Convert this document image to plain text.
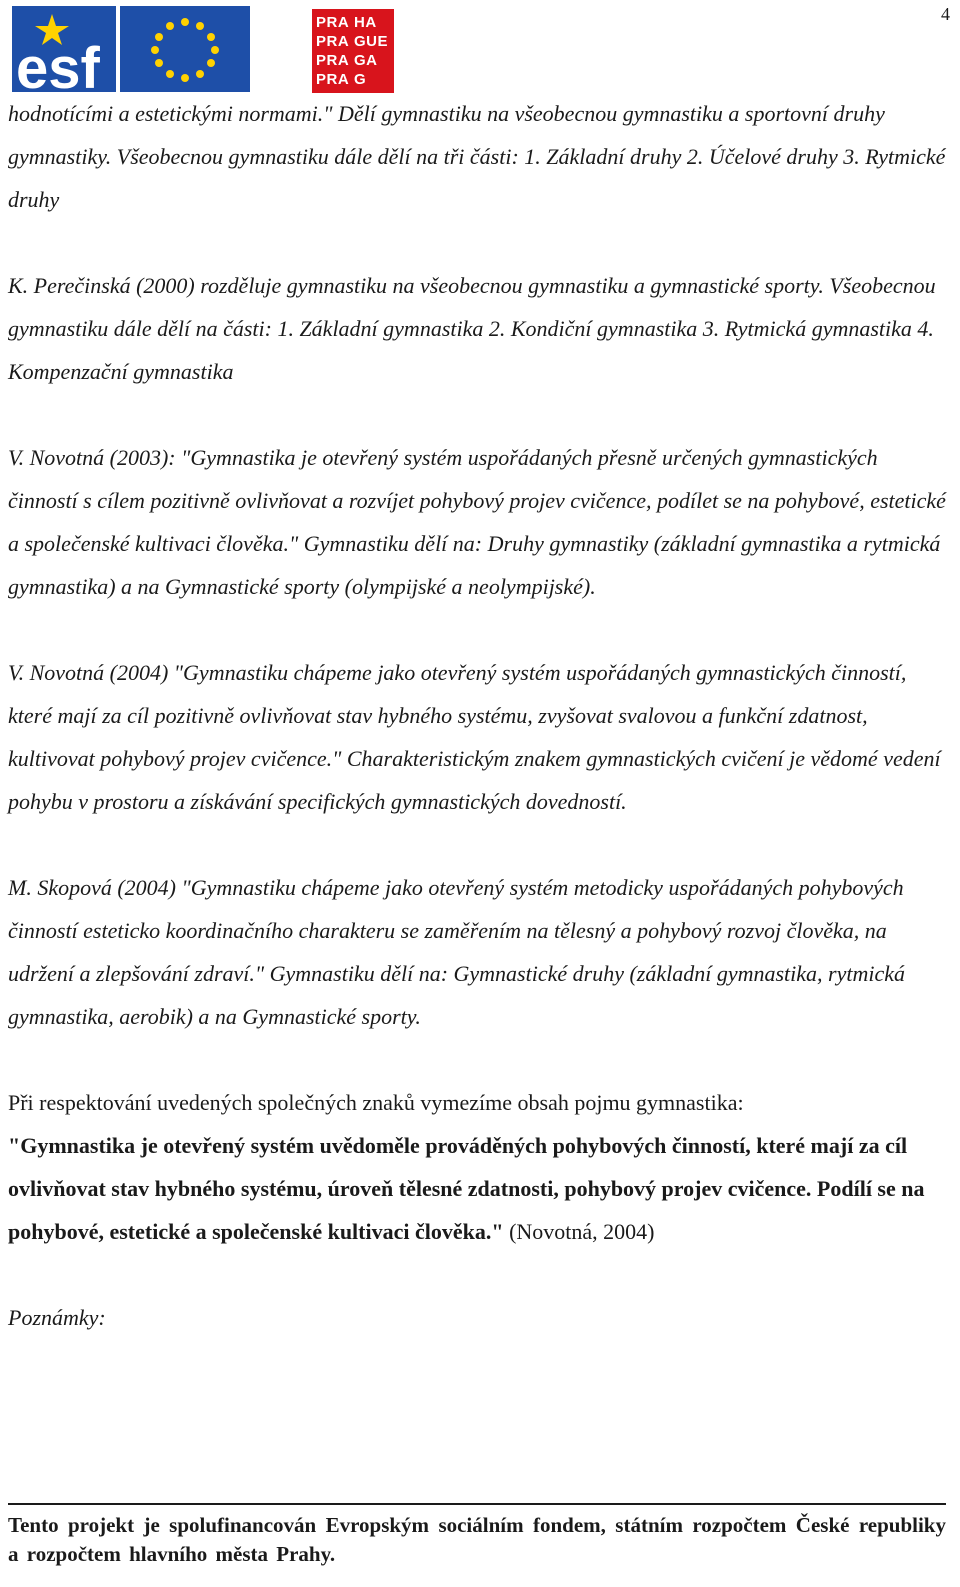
4
esf
PRA HA
PRA GUE
PRA GA
PRA G

hodnotícími a estetickými normami." Dělí gymnastiku na všeobecnou gymnastiku a sportovní druhy gymnastiky. Všeobecnou gymnastiku dále dělí na tři části: 1. Základní druhy 2. Účelové druhy 3. Rytmické druhy

K. Perečinská (2000) rozděluje gymnastiku na všeobecnou gymnastiku a gymnastické sporty. Všeobecnou gymnastiku dále dělí na části: 1. Základní gymnastika 2. Kondiční gymnastika 3. Rytmická gymnastika 4. Kompenzační gymnastika

V. Novotná (2003): "Gymnastika je otevřený systém uspořádaných přesně určených gymnastických činností s cílem pozitivně ovlivňovat a rozvíjet pohybový projev cvičence, podílet se na pohybové, estetické a společenské kultivaci člověka." Gymnastiku dělí na: Druhy gymnastiky (základní gymnastika a rytmická gymnastika) a na Gymnastické sporty (olympijské a neolympijské).

V. Novotná (2004) "Gymnastiku chápeme jako otevřený systém uspořádaných gymnastických činností, které mají za cíl pozitivně ovlivňovat stav hybného systému, zvyšovat svalovou a funkční zdatnost, kultivovat pohybový projev cvičence." Charakteristickým znakem gymnastických cvičení je vědomé vedení pohybu v prostoru a získávání specifických gymnastických dovedností.

M. Skopová (2004) "Gymnastiku chápeme jako otevřený systém metodicky uspořádaných pohybových činností esteticko koordinačního charakteru se zaměřením na tělesný a pohybový rozvoj člověka, na udržení a zlepšování zdraví." Gymnastiku dělí na: Gymnastické druhy (základní gymnastika, rytmická gymnastika, aerobik) a na Gymnastické sporty.

Při respektování uvedených společných znaků vymezíme obsah pojmu gymnastika:
"Gymnastika je otevřený systém uvědoměle prováděných pohybových činností, které mají za cíl ovlivňovat stav hybného systému, úroveň tělesné zdatnosti, pohybový projev cvičence. Podílí se na pohybové, estetické a společenské kultivaci člověka." (Novotná, 2004)

Poznámky:

Tento projekt je spolufinancován Evropským sociálním fondem, státním rozpočtem České republiky a rozpočtem hlavního města Prahy.
